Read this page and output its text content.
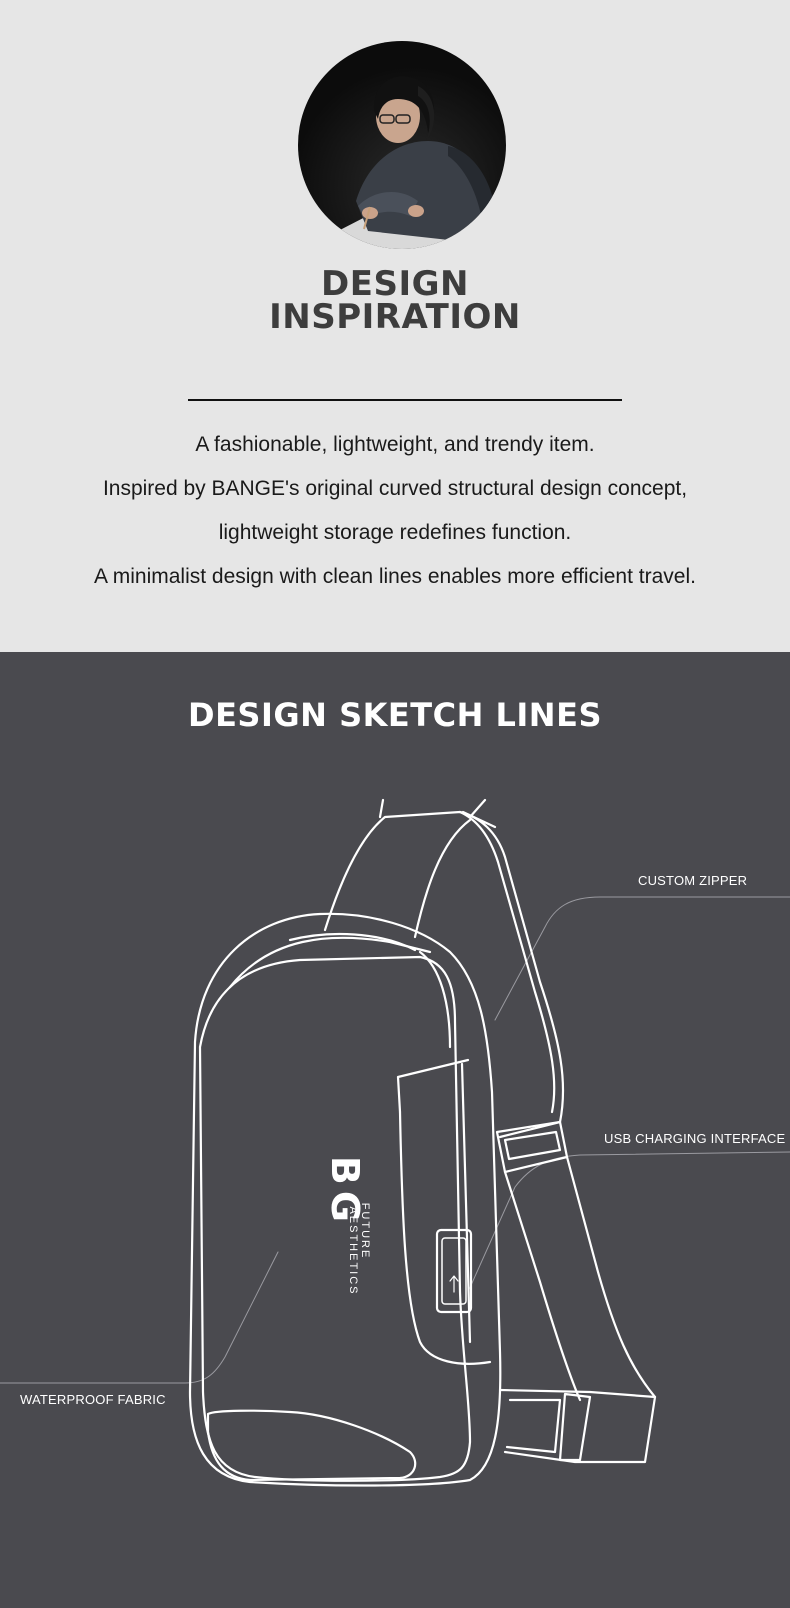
DESIGN
INSPIRATION
A fashionable, lightweight, and trendy item.
Inspired by BANGE's original curved structural design concept,
lightweight storage redefines function.
A minimalist design with clean lines enables more efficient travel.
DESIGN SKETCH LINES
BG
FUTURE
AESTHETICS
CUSTOM ZIPPER
USB CHARGING INTERFACE
WATERPROOF FABRIC
